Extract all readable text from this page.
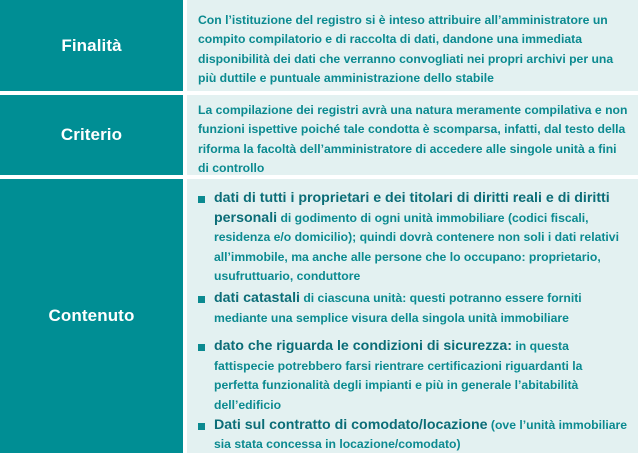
Finalità
Con l’istituzione del registro si è inteso attribuire all’amministratore un compito compilatorio e di raccolta di dati, dandone una immediata disponibilità dei dati che verranno convogliati nei propri archivi per una più duttile e puntuale amministrazione dello stabile
Criterio
La compilazione dei registri avrà una natura meramente compilativa e non funzioni ispettive poiché tale condotta è scomparsa, infatti, dal testo della riforma la facoltà dell’amministratore di accedere alle singole unità a fini di controllo
Contenuto
dati di tutti i proprietari e dei titolari di diritti reali e di diritti personali di godimento di ogni unità immobiliare (codici fiscali, residenza e/o domicilio); quindi dovrà contenere non soli i dati relativi all’immobile, ma anche alle persone che lo occupano: proprietario, usufruttuario, conduttore
dati catastali di ciascuna unità: questi potranno essere forniti mediante una semplice visura della singola unità immobiliare
dato che riguarda le condizioni di sicurezza: in questa fattispecie potrebbero farsi rientrare certificazioni riguardanti la perfetta funzionalità degli impianti e più in generale l’abitabilità dell’edificio
Dati sul contratto di comodato/locazione (ove l’unità immobiliare sia stata concessa in locazione/comodato)
